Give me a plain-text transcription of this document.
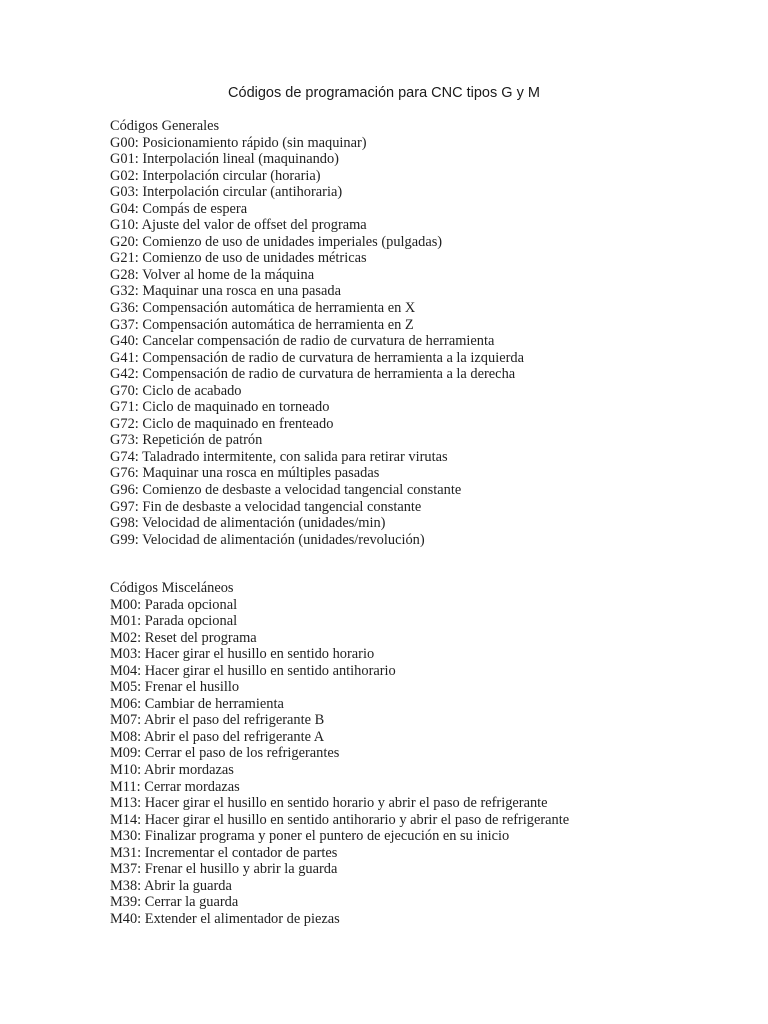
Códigos de programación para CNC tipos G y M
Códigos Generales
G00: Posicionamiento rápido (sin maquinar)
G01: Interpolación lineal (maquinando)
G02: Interpolación circular (horaria)
G03: Interpolación circular (antihoraria)
G04: Compás de espera
G10: Ajuste del valor de offset del programa
G20: Comienzo de uso de unidades imperiales (pulgadas)
G21: Comienzo de uso de unidades métricas
G28: Volver al home de la máquina
G32: Maquinar una rosca en una pasada
G36: Compensación automática de herramienta en X
G37: Compensación automática de herramienta en Z
G40: Cancelar compensación de radio de curvatura de herramienta
G41: Compensación de radio de curvatura de herramienta a la izquierda
G42: Compensación de radio de curvatura de herramienta a la derecha
G70: Ciclo de acabado
G71: Ciclo de maquinado en torneado
G72: Ciclo de maquinado en frenteado
G73: Repetición de patrón
G74: Taladrado intermitente, con salida para retirar virutas
G76: Maquinar una rosca en múltiples pasadas
G96: Comienzo de desbaste a velocidad tangencial constante
G97: Fin de desbaste a velocidad tangencial constante
G98: Velocidad de alimentación (unidades/min)
G99: Velocidad de alimentación (unidades/revolución)
Códigos Misceláneos
M00: Parada opcional
M01: Parada opcional
M02: Reset del programa
M03: Hacer girar el husillo en sentido horario
M04: Hacer girar el husillo en sentido antihorario
M05: Frenar el husillo
M06: Cambiar de herramienta
M07: Abrir el paso del refrigerante B
M08: Abrir el paso del refrigerante A
M09: Cerrar el paso de los refrigerantes
M10: Abrir mordazas
M11: Cerrar mordazas
M13: Hacer girar el husillo en sentido horario y abrir el paso de refrigerante
M14: Hacer girar el husillo en sentido antihorario y abrir el paso de refrigerante
M30: Finalizar programa y poner el puntero de ejecución en su inicio
M31: Incrementar el contador de partes
M37: Frenar el husillo y abrir la guarda
M38: Abrir la guarda
M39: Cerrar la guarda
M40: Extender el alimentador de piezas
